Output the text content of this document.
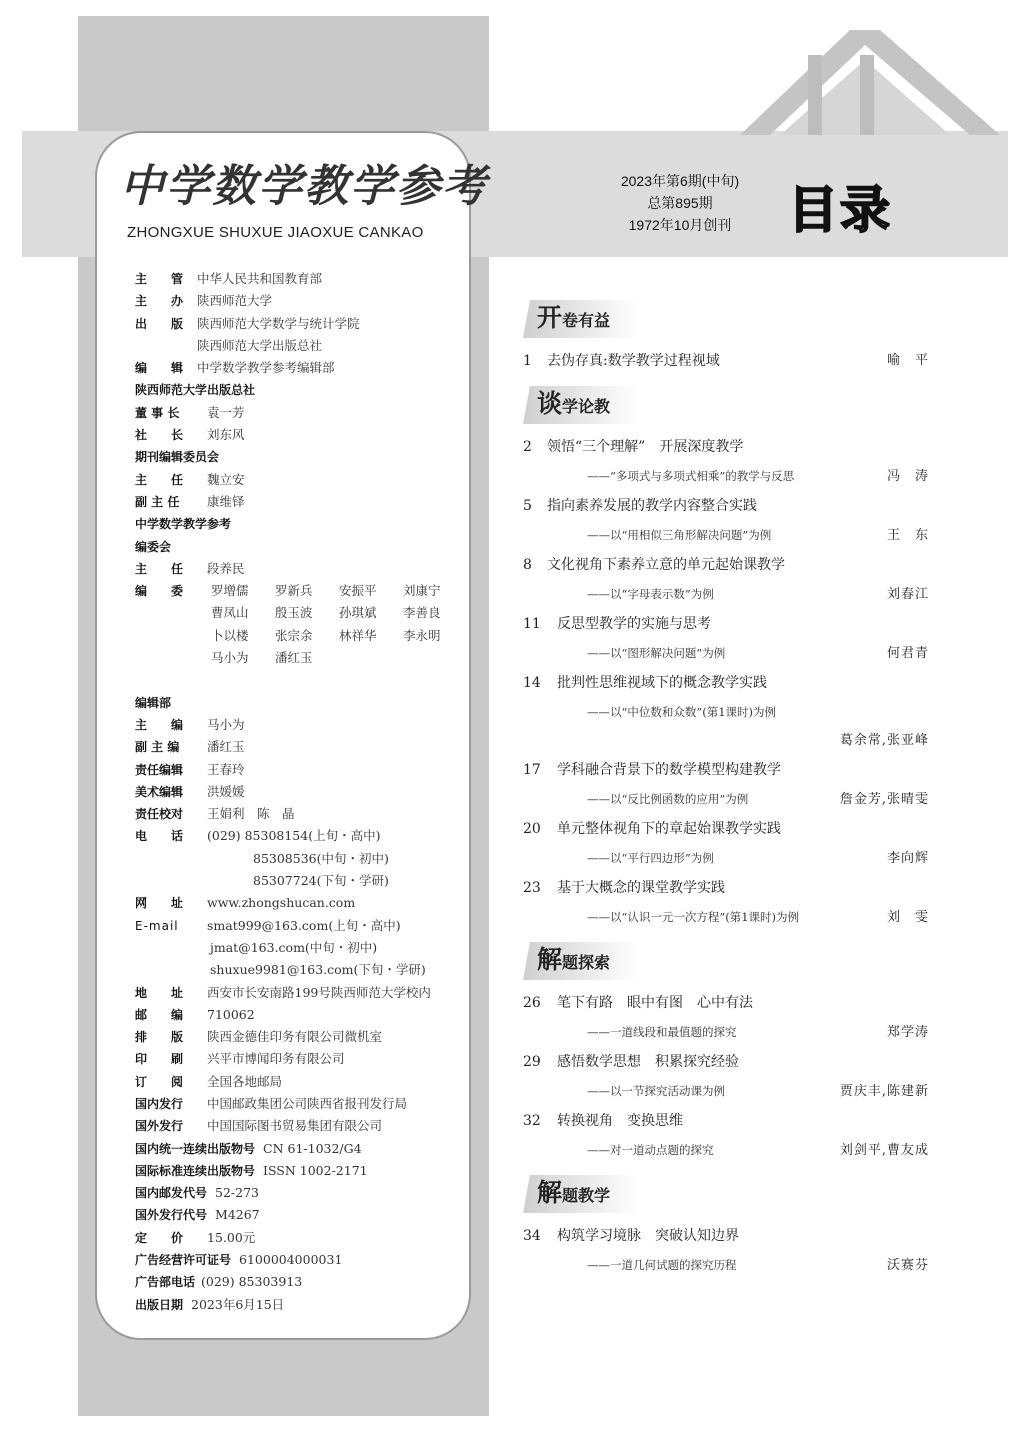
中学数学教学参考
ZHONGXUE SHUXUE JIAOXUE CANKAO
2023年第6期(中旬)
总第895期
1972年10月创刊	目录
主　　管 中华人民共和国教育部
主　　办 陕西师范大学
出　　版 陕西师范大学数学与统计学院
陕西师范大学出版总社
编　　辑 中学数学教学参考编辑部
陕西师范大学出版总社
董 事 长 袁一芳
社　　长 刘东风
期刊编辑委员会
主　　任 魏立安
副 主 任 康维铎
中学数学教学参考
编委会
主　　任 段养民
编　　委 罗增儒 罗新兵 安振平 刘康宁
曹凤山 殷玉波 孙琪斌 李善良
卜以楼 张宗余 林祥华 李永明
马小为 潘红玉
编辑部
主　　编 马小为
副 主 编 潘红玉
责任编辑 王春玲
美术编辑 洪媛媛
责任校对 王娟利　陈　晶
电　　话 (029) 85308154(上旬・高中)
85308536(中旬・初中)
85307724(下旬・学研)
网　　址 www.zhongshucan.com
E-mail smat999@163.com(上旬・高中)
jmat@163.com(中旬・初中)
shuxue9981@163.com(下旬・学研)
地　　址 西安市长安南路199号陕西师范大学校内
邮　　编 710062
排　　版 陕西金德佳印务有限公司微机室
印　　刷 兴平市博闻印务有限公司
订　　阅 全国各地邮局
国内发行 中国邮政集团公司陕西省报刊发行局
国外发行 中国国际图书贸易集团有限公司
国内统一连续出版物号 CN 61-1032/G4
国际标准连续出版物号 ISSN 1002-2171
国内邮发代号 52-273
国外发行代号 M4267
定　　价 15.00元
广告经营许可证号 6100004000031
广告部电话 (029) 85303913
出版日期 2023年6月15日
开卷有益
1 去伪存真:数学教学过程视域	喻　平
谈学论教
2 领悟“三个理解”　开展深度教学
——“多项式与多项式相乘”的教学与反思	冯　涛
5 指向素养发展的教学内容整合实践
——以“用相似三角形解决问题”为例	王　东
8 文化视角下素养立意的单元起始课教学
——以“字母表示数”为例	刘春江
11 反思型教学的实施与思考
——以“图形解决问题”为例	何君青
14 批判性思维视域下的概念教学实践
——以“中位数和众数”(第1课时)为例
葛余常,张亚峰
17 学科融合背景下的数学模型构建教学
——以“反比例函数的应用”为例	詹金芳,张晴雯
20 单元整体视角下的章起始课教学实践
——以“平行四边形”为例	李向辉
23 基于大概念的课堂教学实践
——以“认识一元一次方程”(第1课时)为例	刘　雯
解题探索
26 笔下有路　眼中有图　心中有法
——一道线段和最值题的探究	郑学涛
29 感悟数学思想　积累探究经验
——以一节探究活动课为例	贾庆丰,陈建新
32 转换视角　变换思维
——对一道动点题的探究	刘剑平,曹友成
解题教学
34 构筑学习境脉　突破认知边界
——一道几何试题的探究历程	沃赛芬
